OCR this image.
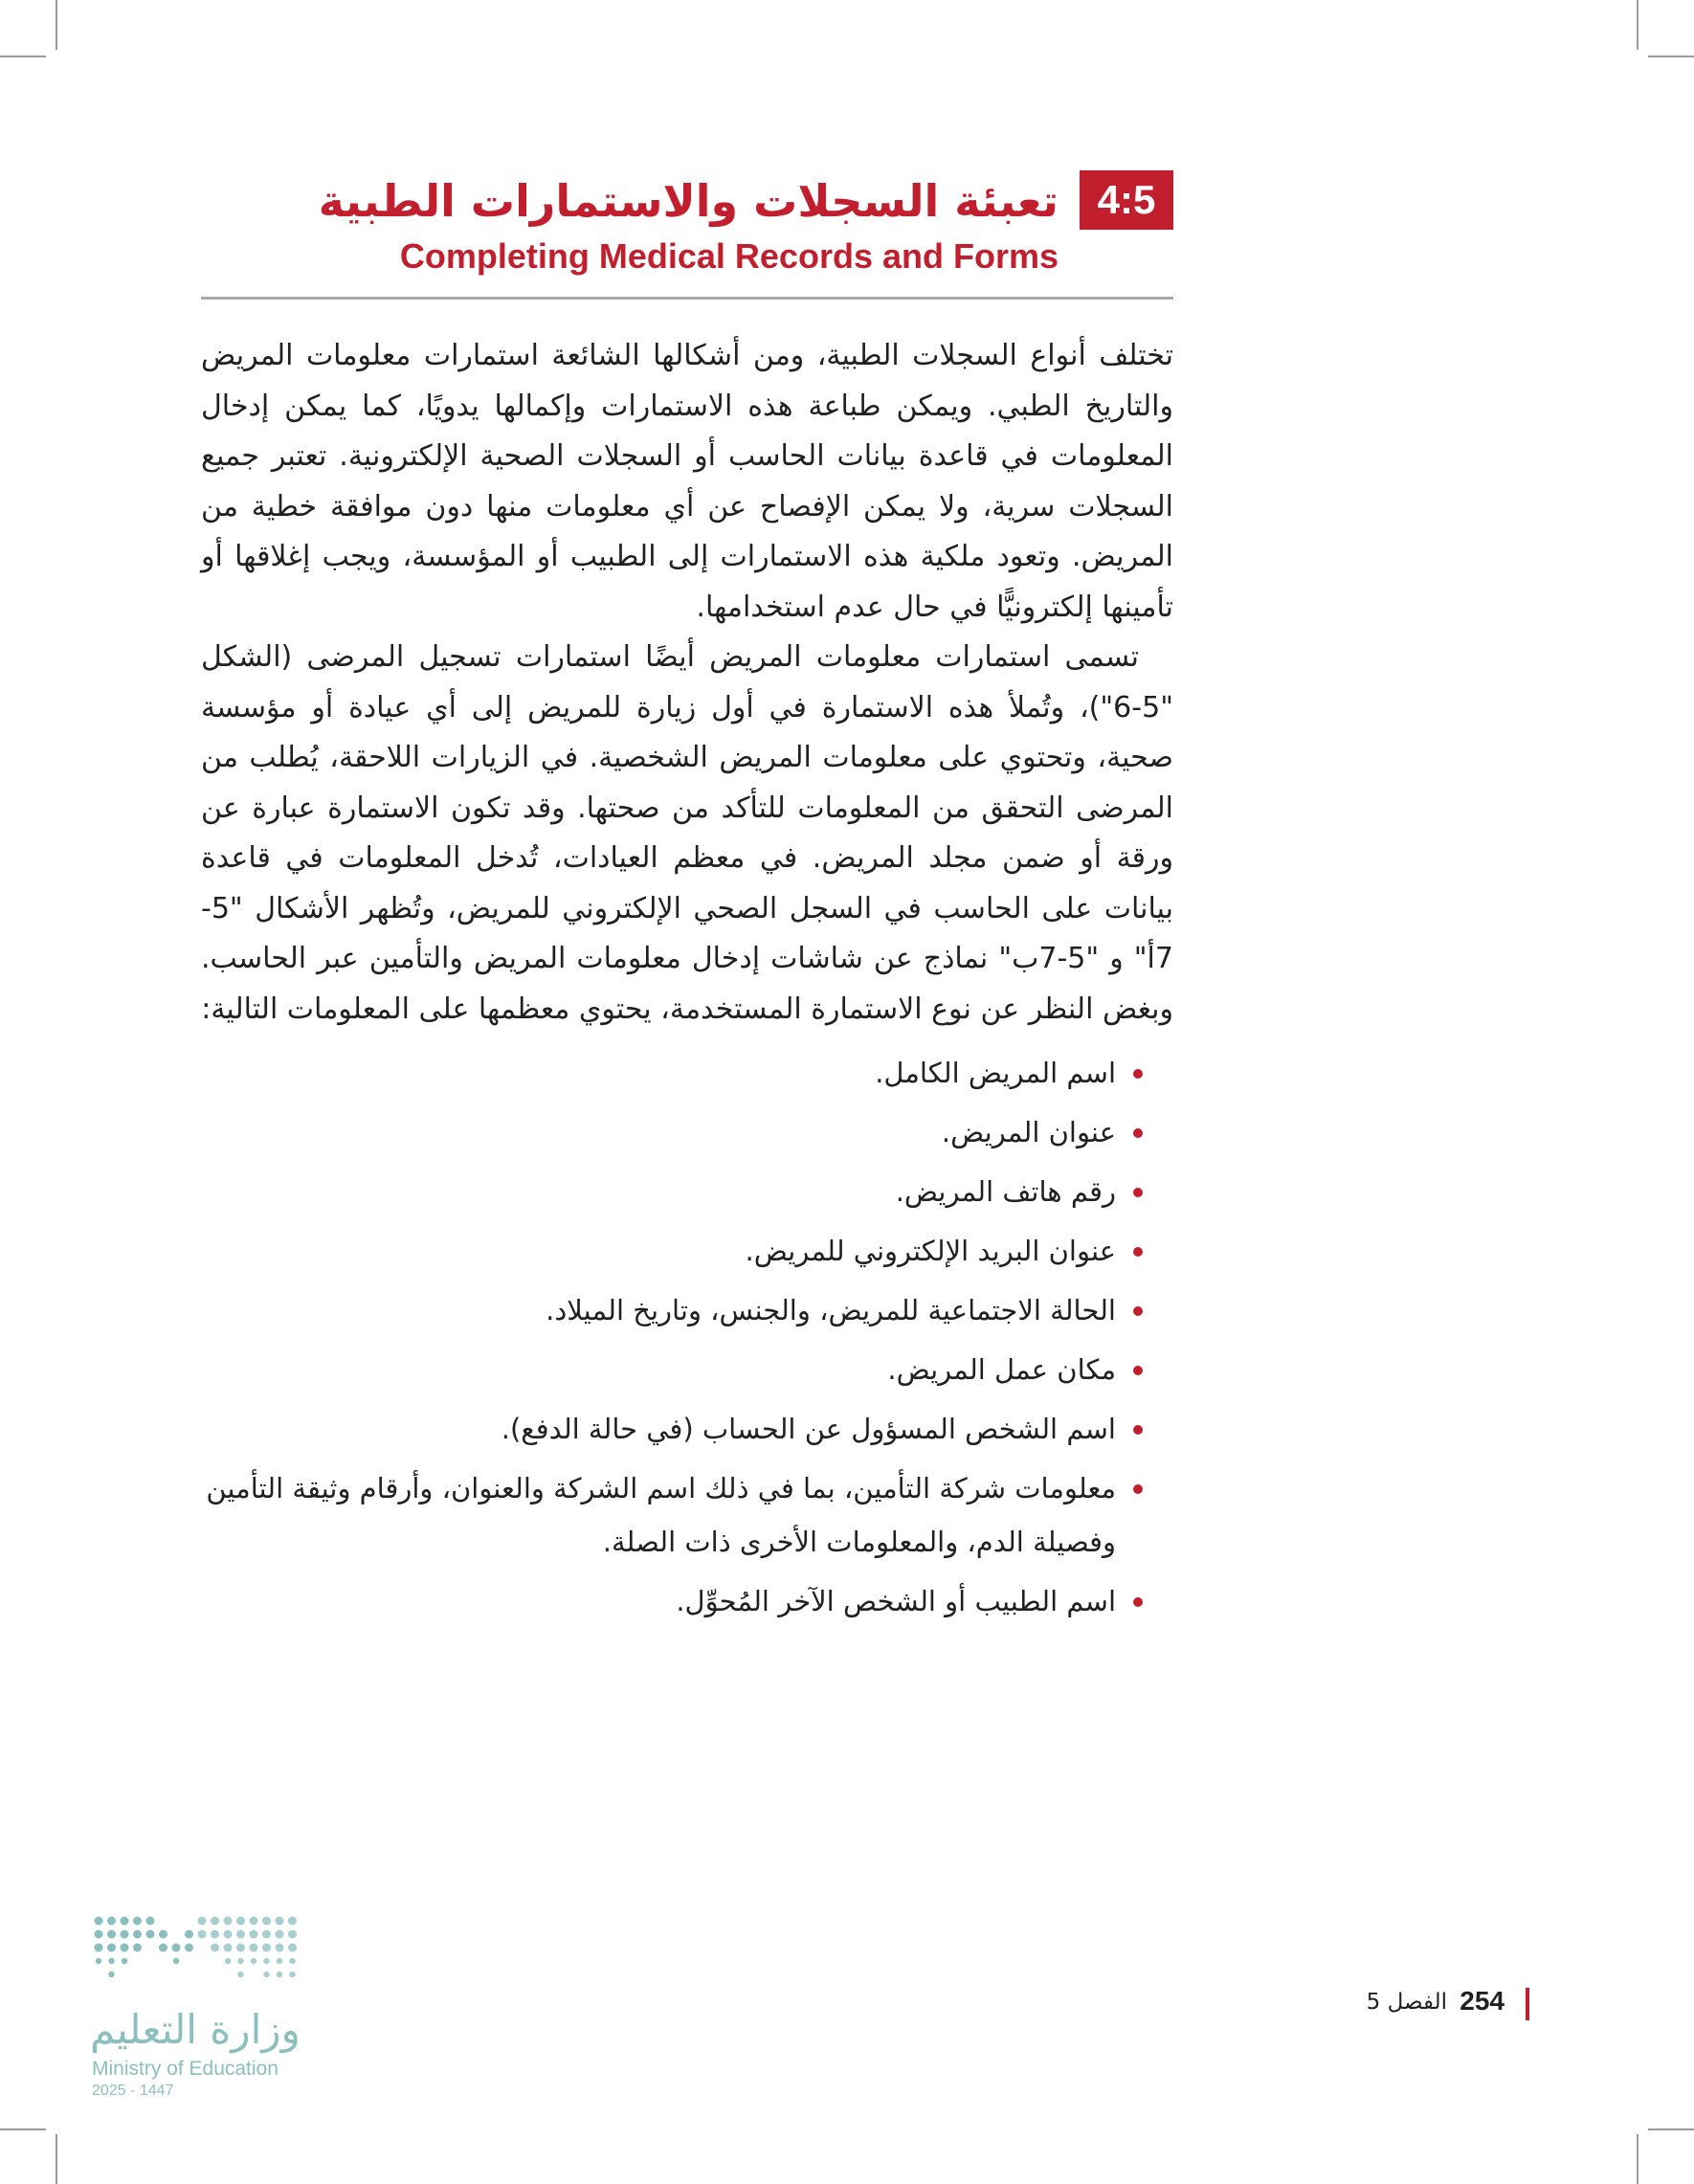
4:5
تعبئة السجلات والاستمارات الطبية
Completing Medical Records and Forms

تختلف أنواع السجلات الطبية، ومن أشكالها الشائعة استمارات معلومات المريض والتاريخ الطبي. ويمكن طباعة هذه الاستمارات وإكمالها يدويًا، كما يمكن إدخال المعلومات في قاعدة بيانات الحاسب أو السجلات الصحية الإلكترونية. تعتبر جميع السجلات سرية، ولا يمكن الإفصاح عن أي معلومات منها دون موافقة خطية من المريض. وتعود ملكية هذه الاستمارات إلى الطبيب أو المؤسسة، ويجب إغلاقها أو تأمينها إلكترونيًّا في حال عدم استخدامها.

تسمى استمارات معلومات المريض أيضًا استمارات تسجيل المرضى (الشكل "5-6")، وتُملأ هذه الاستمارة في أول زيارة للمريض إلى أي عيادة أو مؤسسة صحية، وتحتوي على معلومات المريض الشخصية. في الزيارات اللاحقة، يُطلب من المرضى التحقق من المعلومات للتأكد من صحتها. وقد تكون الاستمارة عبارة عن ورقة أو ضمن مجلد المريض. في معظم العيادات، تُدخل المعلومات في قاعدة بيانات على الحاسب في السجل الصحي الإلكتروني للمريض، وتُظهر الأشكال "5-7أ" و "5-7ب" نماذج عن شاشات إدخال معلومات المريض والتأمين عبر الحاسب. وبغض النظر عن نوع الاستمارة المستخدمة، يحتوي معظمها على المعلومات التالية:

اسم المريض الكامل.
عنوان المريض.
رقم هاتف المريض.
عنوان البريد الإلكتروني للمريض.
الحالة الاجتماعية للمريض، والجنس، وتاريخ الميلاد.
مكان عمل المريض.
اسم الشخص المسؤول عن الحساب (في حالة الدفع).
معلومات شركة التأمين، بما في ذلك اسم الشركة والعنوان، وأرقام وثيقة التأمين وفصيلة الدم، والمعلومات الأخرى ذات الصلة.
اسم الطبيب أو الشخص الآخر المُحوِّل.
وزارة التعليم
Ministry of Education
2025 - 1447
254
الفصل 5
